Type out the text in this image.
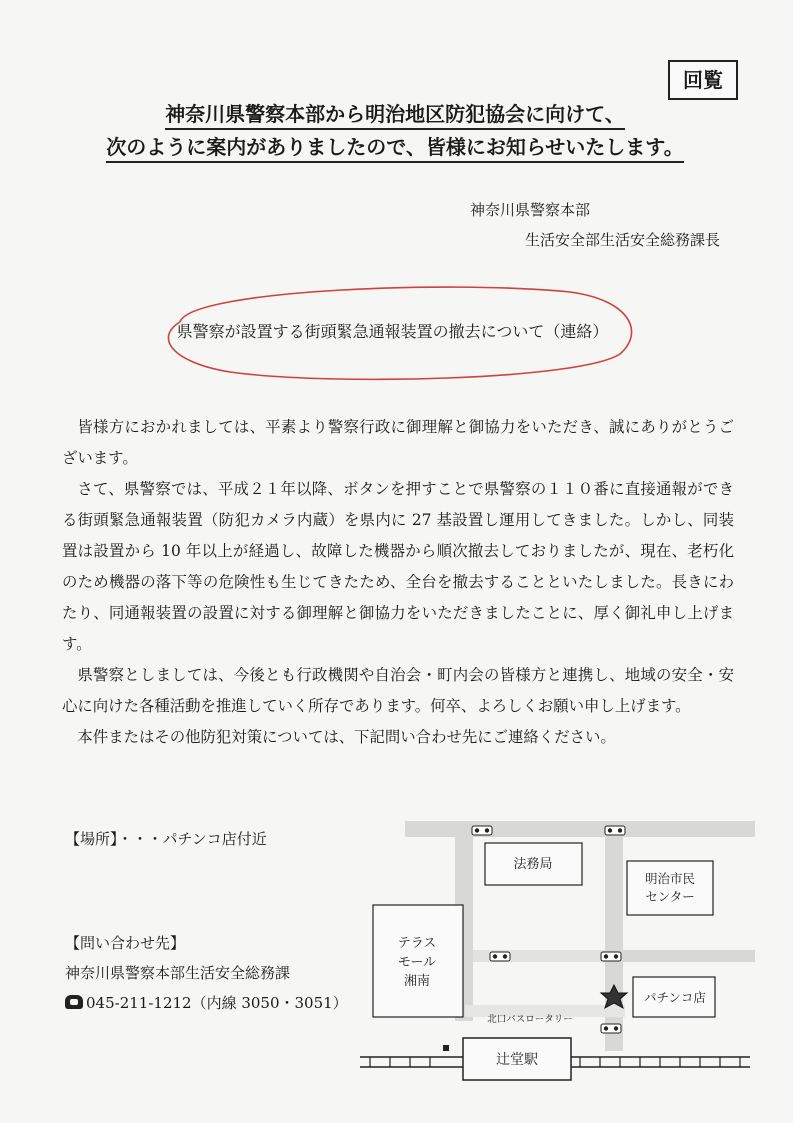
回覧
神奈川県警察本部から明治地区防犯協会に向けて、
次のように案内がありましたので、皆様にお知らせいたします。
神奈川県警察本部
生活安全部生活安全総務課長
県警察が設置する街頭緊急通報装置の撤去について（連絡）

皆様方におかれましては、平素より警察行政に御理解と御協力をいただき、誠にありがとうございます。

さて、県警察では、平成２１年以降、ボタンを押すことで県警察の１１０番に直接通報ができる街頭緊急通報装置（防犯カメラ内蔵）を県内に 27 基設置し運用してきました。しかし、同装置は設置から 10 年以上が経過し、故障した機器から順次撤去しておりましたが、現在、老朽化のため機器の落下等の危険性も生じてきたため、全台を撤去することといたしました。長きにわたり、同通報装置の設置に対する御理解と御協力をいただきましたことに、厚く御礼申し上げます。

県警察としましては、今後とも行政機関や自治会・町内会の皆様方と連携し、地域の安全・安心に向けた各種活動を推進していく所存であります。何卒、よろしくお願い申し上げます。

本件またはその他防犯対策については、下記問い合わせ先にご連絡ください。

【場所】・・・パチンコ店付近
【問い合わせ先】
神奈川県警察本部生活安全総務課
045-211-1212（内線 3050・3051）
法務局
明治市民
センター
テラス
モール
湘南
パチンコ店
北口バスロータリー
辻堂駅
